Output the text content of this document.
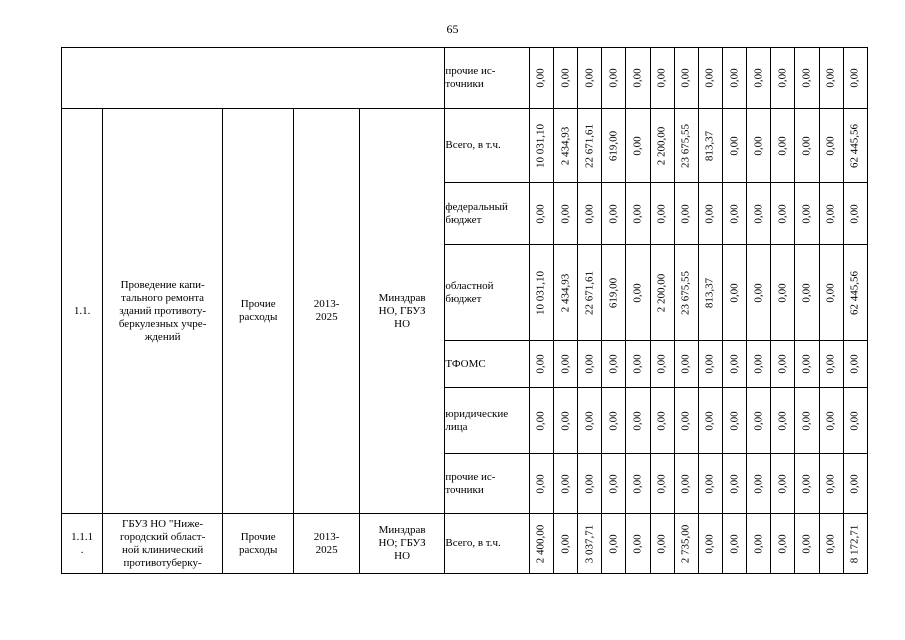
65
					прочие ис-
точники	0,00	0,00	0,00	0,00	0,00	0,00	0,00	0,00	0,00	0,00	0,00	0,00	0,00	0,00

1.1.	Проведение капи-
тального ремонта
зданий противоту-
беркулезных учре-
ждений	Прочие
расходы	2013-
2025	Минздрав
НО, ГБУЗ
НО	Всего, в т.ч.	10 031,10	2 434,93	22 671,61	619,00	0,00	2 200,00	23 675,55	813,37	0,00	0,00	0,00	0,00	0,00	62 445,56

					федеральный
бюджет	0,00	0,00	0,00	0,00	0,00	0,00	0,00	0,00	0,00	0,00	0,00	0,00	0,00	0,00

					областной
бюджет	10 031,10	2 434,93	22 671,61	619,00	0,00	2 200,00	23 675,55	813,37	0,00	0,00	0,00	0,00	0,00	62 445,56

					ТФОМС	0,00	0,00	0,00	0,00	0,00	0,00	0,00	0,00	0,00	0,00	0,00	0,00	0,00	0,00

					юридические
лица	0,00	0,00	0,00	0,00	0,00	0,00	0,00	0,00	0,00	0,00	0,00	0,00	0,00	0,00

					прочие ис-
точники	0,00	0,00	0,00	0,00	0,00	0,00	0,00	0,00	0,00	0,00	0,00	0,00	0,00	0,00

1.1.1
.	ГБУЗ НО "Ниже-
городский област-
ной клинический
противотуберку-	Прочие
расходы	2013-
2025	Минздрав
НО; ГБУЗ
НО	Всего, в т.ч.	2 400,00	0,00	3 037,71	0,00	0,00	0,00	2 735,00	0,00	0,00	0,00	0,00	0,00	0,00	8 172,71
